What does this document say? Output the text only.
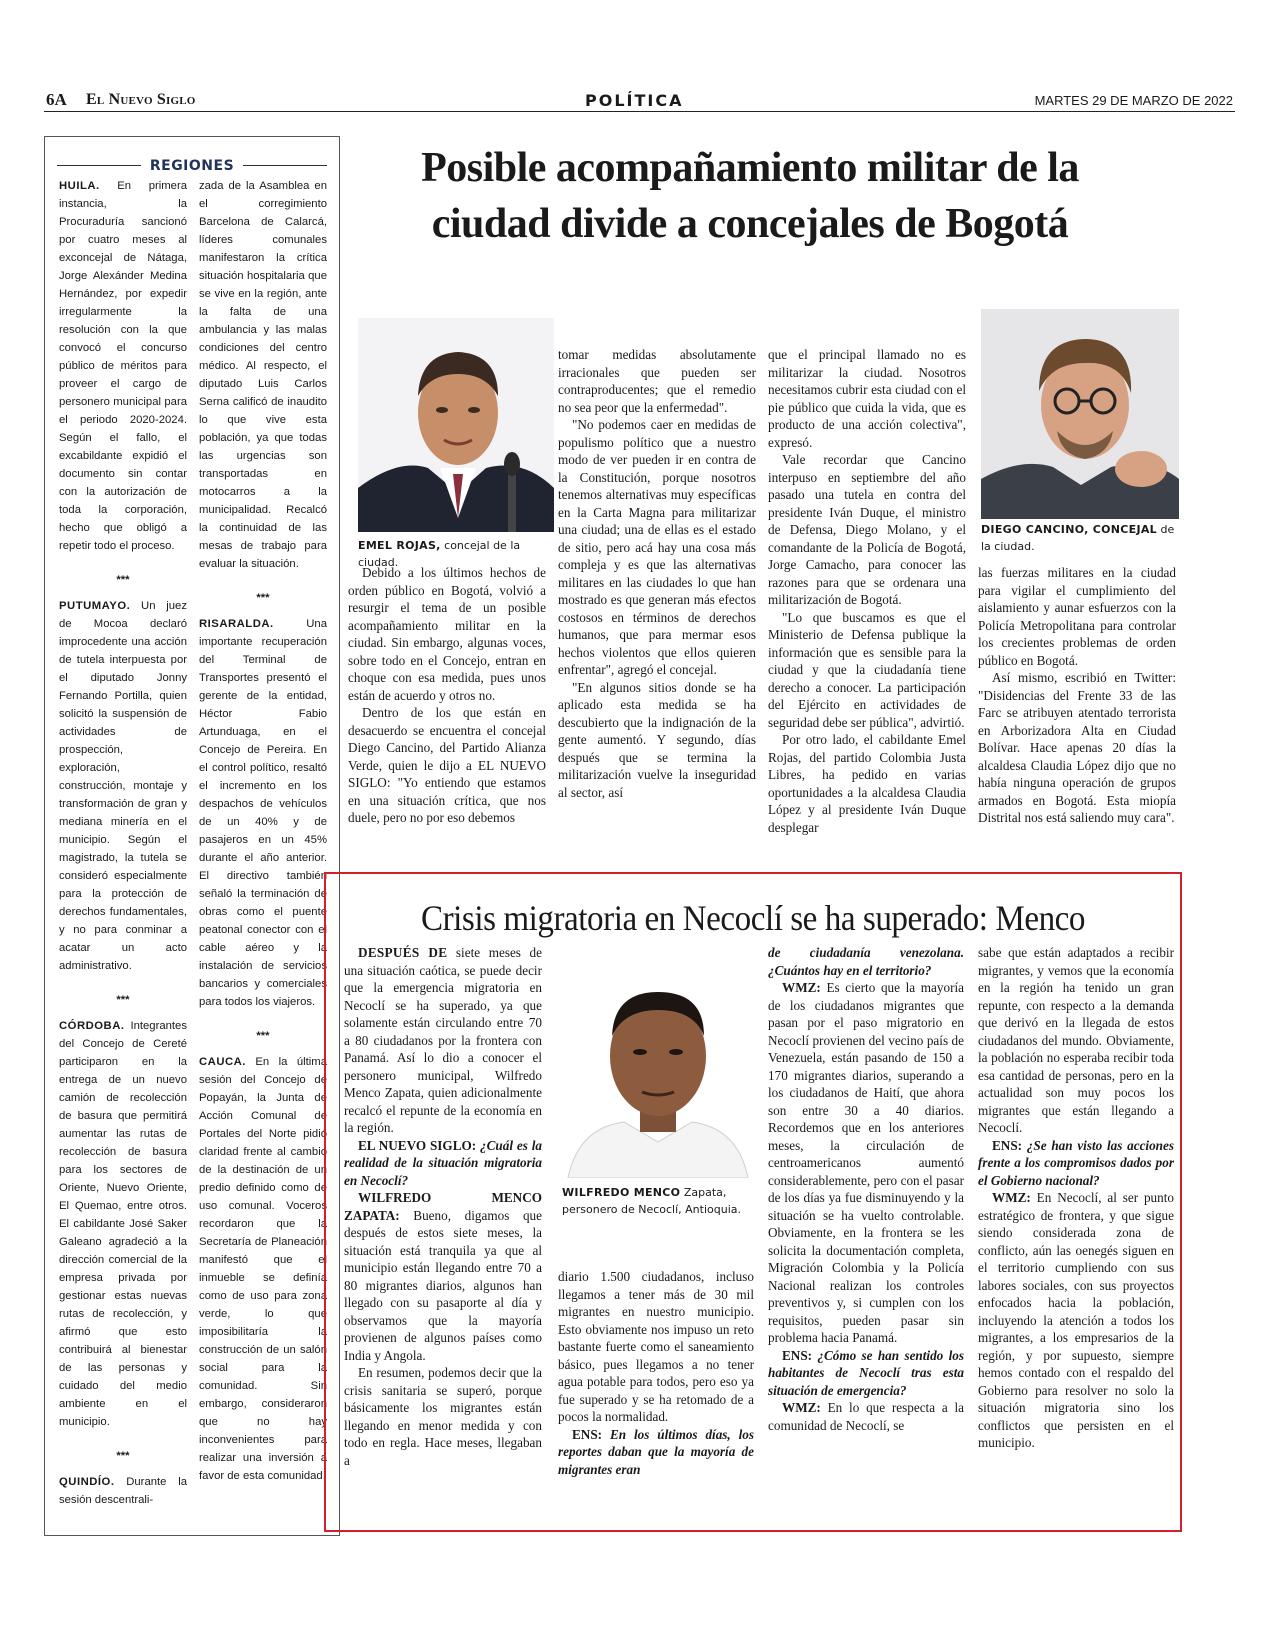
6A El Nuevo Siglo	POLÍTICA	MARTES 29 DE MARZO DE 2022
REGIONES

HUILA. En primera instancia, la Procuraduría sancionó por cuatro meses al exconcejal de Nátaga, Jorge Alexánder Medina Hernández, por expedir irregularmente la resolución con la que convocó el concurso público de méritos para proveer el cargo de personero municipal para el periodo 2020-2024. Según el fallo, el excabildante expidió el documento sin contar con la autorización de toda la corporación, hecho que obligó a repetir todo el proceso.

***

PUTUMAYO. Un juez de Mocoa declaró improcedente una acción de tutela interpuesta por el diputado Jonny Fernando Portilla, quien solicitó la suspensión de actividades de prospección, exploración, construcción, montaje y transformación de gran y mediana minería en el municipio. Según el magistrado, la tutela se consideró especialmente para la protección de derechos fundamentales, y no para conminar a acatar un acto administrativo.

***

CÓRDOBA. Integrantes del Concejo de Cereté participaron en la entrega de un nuevo camión de recolección de basura que permitirá aumentar las rutas de recolección de basura para los sectores de Oriente, Nuevo Oriente, El Quemao, entre otros. El cabildante José Saker Galeano agradeció a la dirección comercial de la empresa privada por gestionar estas nuevas rutas de recolección, y afirmó que esto contribuirá al bienestar de las personas y cuidado del medio ambiente en el municipio.

***

QUINDÍO. Durante la sesión descentrali-

zada de la Asamblea en el corregimiento Barcelona de Calarcá, líderes comunales manifestaron la crítica situación hospitalaria que se vive en la región, ante la falta de una ambulancia y las malas condiciones del centro médico. Al respecto, el diputado Luis Carlos Serna calificó de inaudito lo que vive esta población, ya que todas las urgencias son transportadas en motocarros a la municipalidad. Recalcó la continuidad de las mesas de trabajo para evaluar la situación.

***

RISARALDA. Una importante recuperación del Terminal de Transportes presentó el gerente de la entidad, Héctor Fabio Artunduaga, en el Concejo de Pereira. En el control político, resaltó el incremento en los despachos de vehículos de un 40% y de pasajeros en un 45% durante el año anterior. El directivo también señaló la terminación de obras como el puente peatonal conector con el cable aéreo y la instalación de servicios bancarios y comerciales para todos los viajeros.

***

CAUCA. En la última sesión del Concejo de Popayán, la Junta de Acción Comunal de Portales del Norte pidió claridad frente al cambio de la destinación de un predio definido como de uso comunal. Voceros recordaron que la Secretaría de Planeación manifestó que el inmueble se definía como de uso para zona verde, lo que imposibilitaría la construcción de un salón social para la comunidad. Sin embargo, consideraron que no hay inconvenientes para realizar una inversión a favor de esta comunidad.

Posible acompañamiento militar de la ciudad divide a concejales de Bogotá
EMEL ROJAS, concejal de la ciudad.
DIEGO CANCINO, CONCEJAL de la ciudad.

Debido a los últimos hechos de orden público en Bogotá, volvió a resurgir el tema de un posible acompañamiento militar en la ciudad. Sin embargo, algunas voces, sobre todo en el Concejo, entran en choque con esa medida, pues unos están de acuerdo y otros no.

Dentro de los que están en desacuerdo se encuentra el concejal Diego Cancino, del Partido Alianza Verde, quien le dijo a EL NUEVO SIGLO: "Yo entiendo que estamos en una situación crítica, que nos duele, pero no por eso debemos

tomar medidas absolutamente irracionales que pueden ser contraproducentes; que el remedio no sea peor que la enfermedad".

"No podemos caer en medidas de populismo político que a nuestro modo de ver pueden ir en contra de la Constitución, porque nosotros tenemos alternativas muy específicas en la Carta Magna para militarizar una ciudad; una de ellas es el estado de sitio, pero acá hay una cosa más compleja y es que las alternativas militares en las ciudades lo que han mostrado es que generan más efectos costosos en términos de derechos humanos, que para mermar esos hechos violentos que ellos quieren enfrentar", agregó el concejal.

"En algunos sitios donde se ha aplicado esta medida se ha descubierto que la indignación de la gente aumentó. Y segundo, días después que se termina la militarización vuelve la inseguridad al sector, así

que el principal llamado no es militarizar la ciudad. Nosotros necesitamos cubrir esta ciudad con el pie público que cuida la vida, que es producto de una acción colectiva", expresó.

Vale recordar que Cancino interpuso en septiembre del año pasado una tutela en contra del presidente Iván Duque, el ministro de Defensa, Diego Molano, y el comandante de la Policía de Bogotá, Jorge Camacho, para conocer las razones para que se ordenara una militarización de Bogotá.

"Lo que buscamos es que el Ministerio de Defensa publique la información que es sensible para la ciudad y que la ciudadanía tiene derecho a conocer. La participación del Ejército en actividades de seguridad debe ser pública", advirtió.

Por otro lado, el cabildante Emel Rojas, del partido Colombia Justa Libres, ha pedido en varias oportunidades a la alcaldesa Claudia López y al presidente Iván Duque desplegar

las fuerzas militares en la ciudad para vigilar el cumplimiento del aislamiento y aunar esfuerzos con la Policía Metropolitana para controlar los crecientes problemas de orden público en Bogotá.

Así mismo, escribió en Twitter: "Disidencias del Frente 33 de las Farc se atribuyen atentado terrorista en Arborizadora Alta en Ciudad Bolívar. Hace apenas 20 días la alcaldesa Claudia López dijo que no había ninguna operación de grupos armados en Bogotá. Esta miopía Distrital nos está saliendo muy cara".

Crisis migratoria en Necoclí se ha superado: Menco
WILFREDO MENCO Zapata, personero de Necoclí, Antioquia.

DESPUÉS DE siete meses de una situación caótica, se puede decir que la emergencia migratoria en Necoclí se ha superado, ya que solamente están circulando entre 70 a 80 ciudadanos por la frontera con Panamá. Así lo dio a conocer el personero municipal, Wilfredo Menco Zapata, quien adicionalmente recalcó el repunte de la economía en la región.

EL NUEVO SIGLO: ¿Cuál es la realidad de la situación migratoria en Necoclí?

WILFREDO MENCO ZAPATA: Bueno, digamos que después de estos siete meses, la situación está tranquila ya que al municipio están llegando entre 70 a 80 migrantes diarios, algunos han llegado con su pasaporte al día y observamos que la mayoría provienen de algunos países como India y Angola.

En resumen, podemos decir que la crisis sanitaria se superó, porque básicamente los migrantes están llegando en menor medida y con todo en regla. Hace meses, llegaban a

diario 1.500 ciudadanos, incluso llegamos a tener más de 30 mil migrantes en nuestro municipio. Esto obviamente nos impuso un reto bastante fuerte como el saneamiento básico, pues llegamos a no tener agua potable para todos, pero eso ya fue superado y se ha retomado de a pocos la normalidad.

ENS: En los últimos días, los reportes daban que la mayoría de migrantes eran

de ciudadanía venezolana. ¿Cuántos hay en el territorio?

WMZ: Es cierto que la mayoría de los ciudadanos migrantes que pasan por el paso migratorio en Necoclí provienen del vecino país de Venezuela, están pasando de 150 a 170 migrantes diarios, superando a los ciudadanos de Haití, que ahora son entre 30 a 40 diarios. Recordemos que en los anteriores meses, la circulación de centroamericanos aumentó considerablemente, pero con el pasar de los días ya fue disminuyendo y la situación se ha vuelto controlable. Obviamente, en la frontera se les solicita la documentación completa, Migración Colombia y la Policía Nacional realizan los controles preventivos y, si cumplen con los requisitos, pueden pasar sin problema hacia Panamá.

ENS: ¿Cómo se han sentido los habitantes de Necoclí tras esta situación de emergencia?

WMZ: En lo que respecta a la comunidad de Necoclí, se

sabe que están adaptados a recibir migrantes, y vemos que la economía en la región ha tenido un gran repunte, con respecto a la demanda que derivó en la llegada de estos ciudadanos del mundo. Obviamente, la población no esperaba recibir toda esa cantidad de personas, pero en la actualidad son muy pocos los migrantes que están llegando a Necoclí.

ENS: ¿Se han visto las acciones frente a los compromisos dados por el Gobierno nacional?

WMZ: En Necoclí, al ser punto estratégico de frontera, y que sigue siendo considerada zona de conflicto, aún las oenegés siguen en el territorio cumpliendo con sus labores sociales, con sus proyectos enfocados hacia la población, incluyendo la atención a todos los migrantes, a los empresarios de la región, y por supuesto, siempre hemos contado con el respaldo del Gobierno para resolver no solo la situación migratoria sino los conflictos que persisten en el municipio.
